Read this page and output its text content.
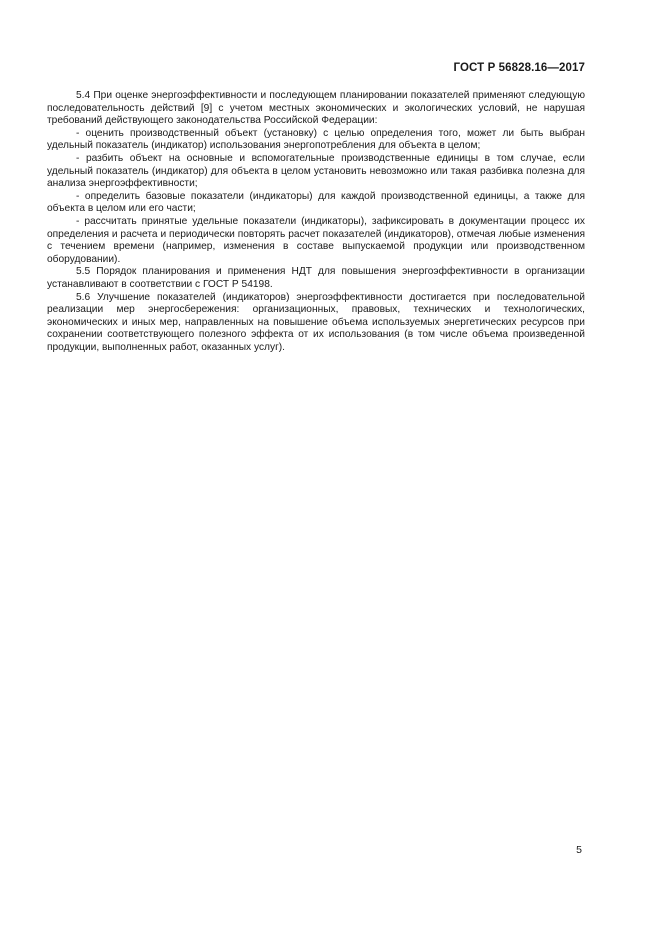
ГОСТ Р 56828.16—2017

5.4 При оценке энергоэффективности и последующем планировании показателей применяют следующую последовательность действий [9] с учетом местных экономических и экологических условий, не нарушая требований действующего законодательства Российской Федерации:

- оценить производственный объект (установку) с целью определения того, может ли быть выбран удельный показатель (индикатор) использования энергопотребления для объекта в целом;

- разбить объект на основные и вспомогательные производственные единицы в том случае, если удельный показатель (индикатор) для объекта в целом установить невозможно или такая разбивка полезна для анализа энергоэффективности;

- определить базовые показатели (индикаторы) для каждой производственной единицы, а также для объекта в целом или его части;

- рассчитать принятые удельные показатели (индикаторы), зафиксировать в документации процесс их определения и расчета и периодически повторять расчет показателей (индикаторов), отмечая любые изменения с течением времени (например, изменения в составе выпускаемой продукции или производственном оборудовании).

5.5 Порядок планирования и применения НДТ для повышения энергоэффективности в организации устанавливают в соответствии с ГОСТ Р 54198.

5.6 Улучшение показателей (индикаторов) энергоэффективности достигается при последовательной реализации мер энергосбережения: организационных, правовых, технических и технологических, экономических и иных мер, направленных на повышение объема используемых энергетических ресурсов при сохранении соответствующего полезного эффекта от их использования (в том числе объема произведенной продукции, выполненных работ, оказанных услуг).

5
